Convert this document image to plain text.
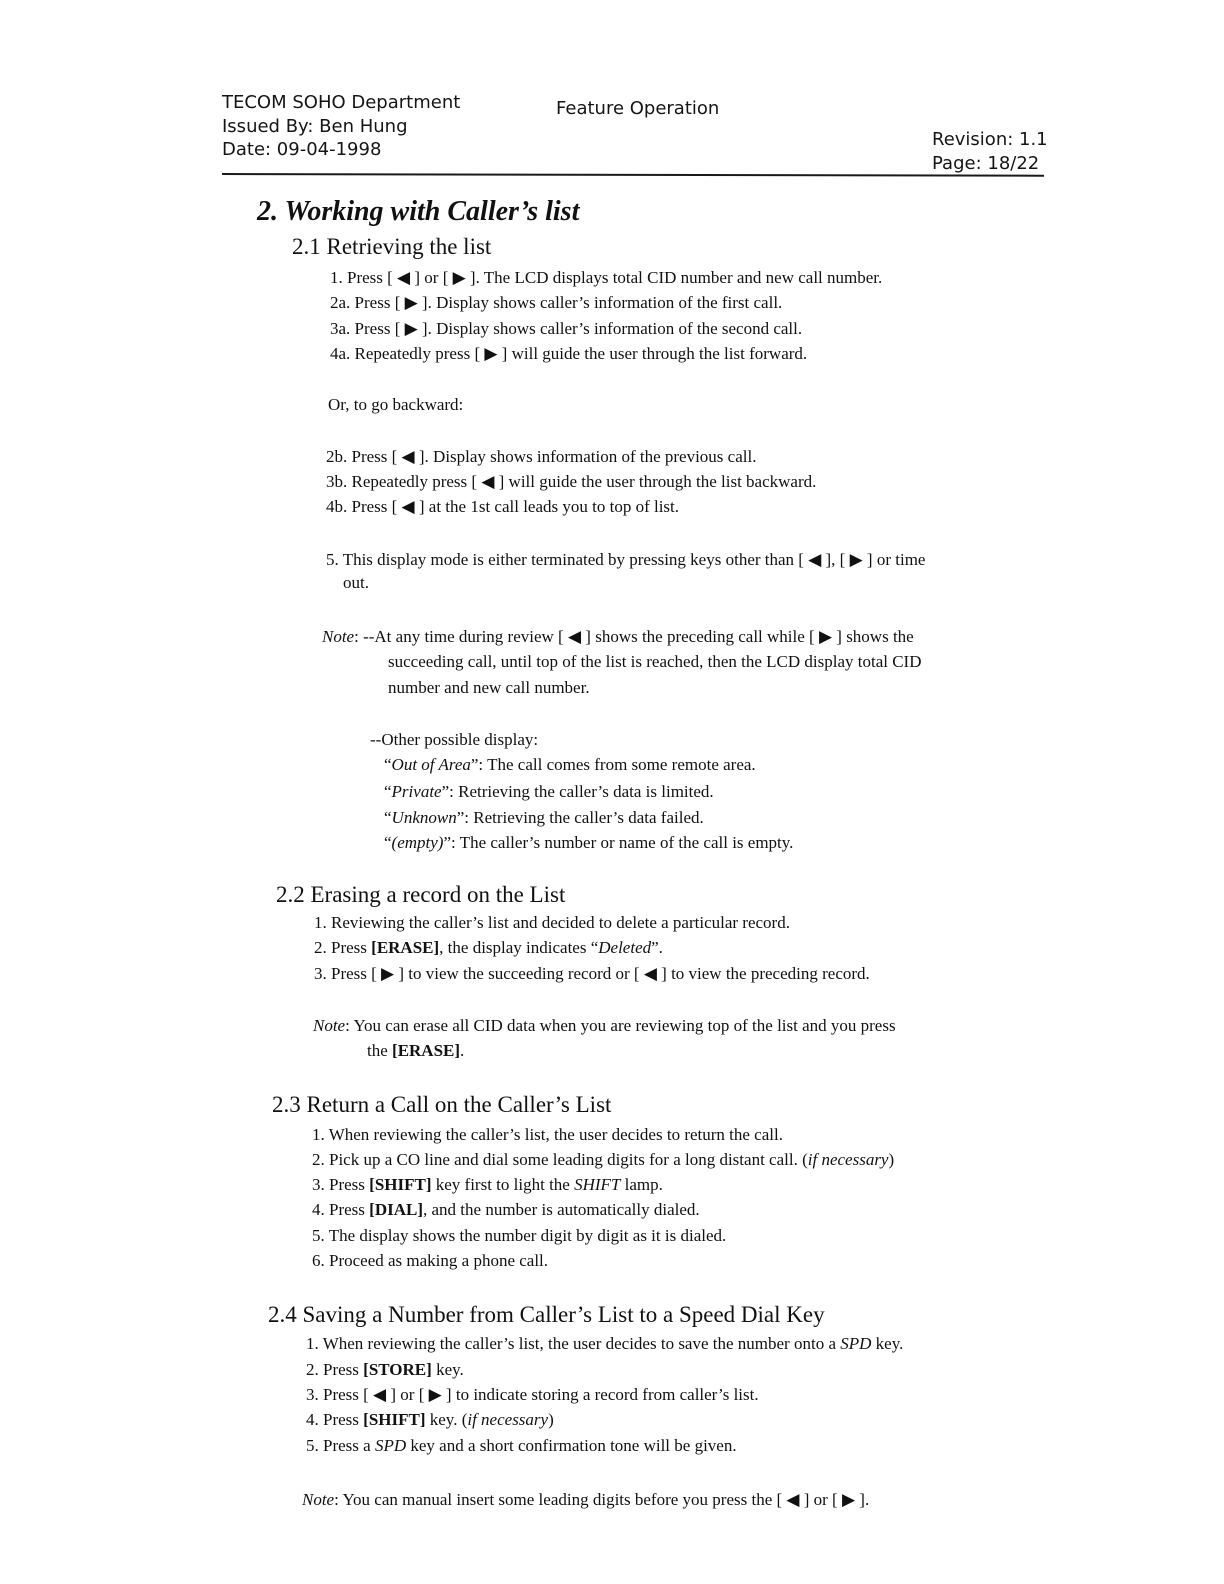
TECOM SOHO Department
Issued By: Ben Hung
Date: 09-04-1998
Feature Operation
Revision: 1.1
Page: 18/22
2. Working with Caller’s list
2.1 Retrieving the list
1. Press [ ◀ ] or [ ▶ ]. The LCD displays total CID number and new call number.
2a. Press [ ▶ ]. Display shows caller’s information of the first call.
3a. Press [ ▶ ]. Display shows caller’s information of the second call.
4a. Repeatedly press [ ▶ ] will guide the user through the list forward.
Or, to go backward:
2b. Press [ ◀ ]. Display shows information of the previous call.
3b. Repeatedly press [ ◀ ] will guide the user through the list backward.
4b. Press [ ◀ ] at the 1st call leads you to top of list.
5. This display mode is either terminated by pressing keys other than [ ◀ ], [ ▶ ] or time
out.
Note: --At any time during review [ ◀ ] shows the preceding call while [ ▶ ] shows the
succeeding call, until top of the list is reached, then the LCD display total CID
number and new call number.
--Other possible display:
“Out of Area”: The call comes from some remote area.
“Private”: Retrieving the caller’s data is limited.
“Unknown”: Retrieving the caller’s data failed.
“(empty)”: The caller’s number or name of the call is empty.
2.2 Erasing a record on the List
1. Reviewing the caller’s list and decided to delete a particular record.
2. Press [ERASE], the display indicates “Deleted”.
3. Press [ ▶ ] to view the succeeding record or [ ◀ ] to view the preceding record.
Note: You can erase all CID data when you are reviewing top of the list and you press
the [ERASE].
2.3 Return a Call on the Caller’s List
1. When reviewing the caller’s list, the user decides to return the call.
2. Pick up a CO line and dial some leading digits for a long distant call. (if necessary)
3. Press [SHIFT] key first to light the SHIFT lamp.
4. Press [DIAL], and the number is automatically dialed.
5. The display shows the number digit by digit as it is dialed.
6. Proceed as making a phone call.
2.4 Saving a Number from Caller’s List to a Speed Dial Key
1. When reviewing the caller’s list, the user decides to save the number onto a SPD key.
2. Press [STORE] key.
3. Press [ ◀ ] or [ ▶ ] to indicate storing a record from caller’s list.
4. Press [SHIFT] key. (if necessary)
5. Press a SPD key and a short confirmation tone will be given.
Note: You can manual insert some leading digits before you press the [ ◀ ] or [ ▶ ].
